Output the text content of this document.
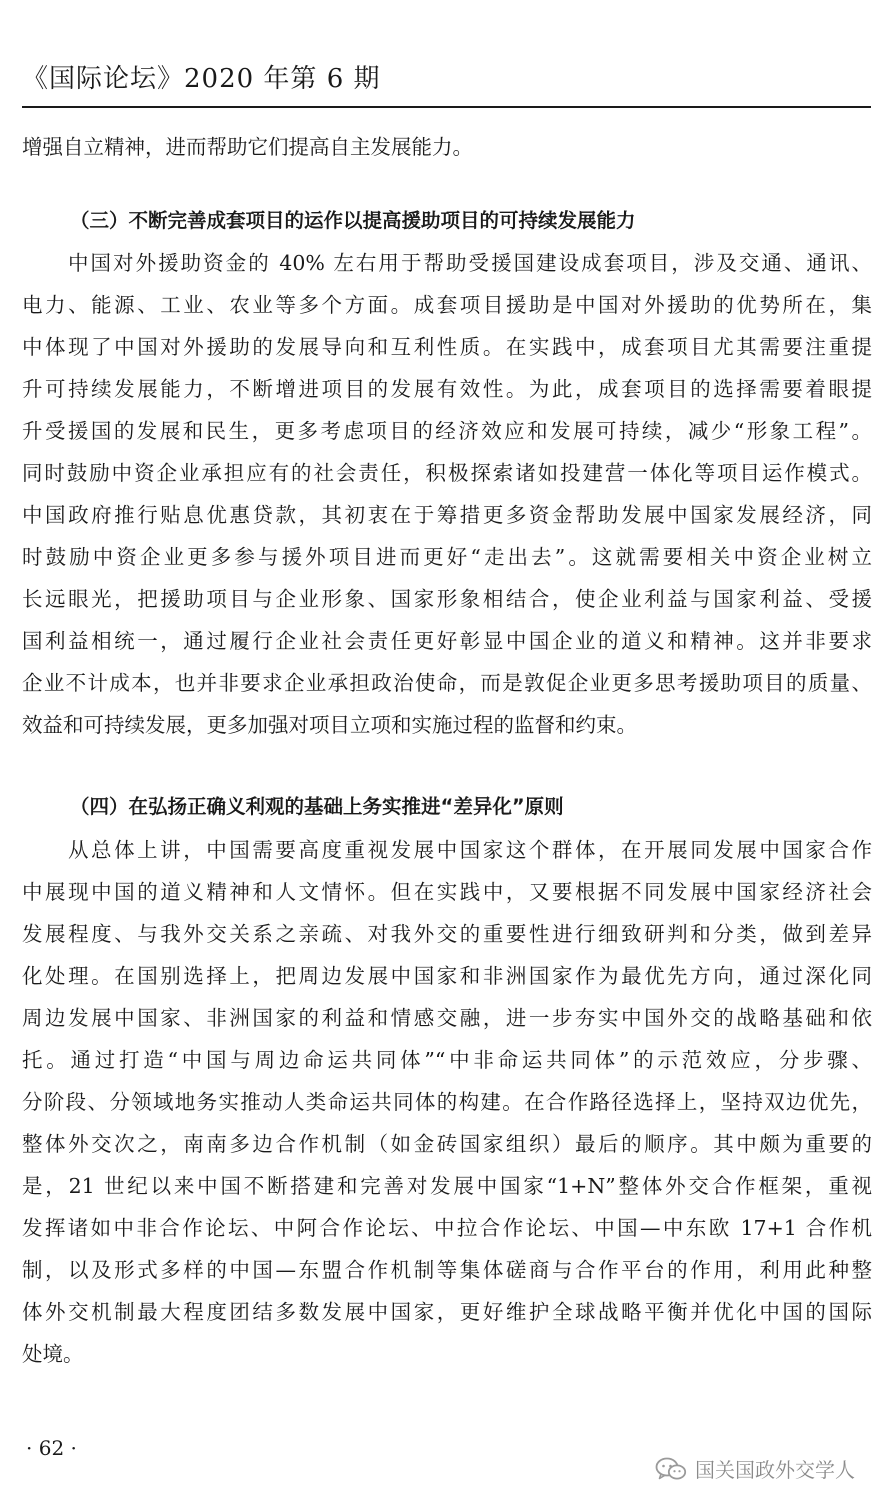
《国际论坛》2020 年第 6 期
增强自立精神，进而帮助它们提高自主发展能力。
（三）不断完善成套项目的运作以提高援助项目的可持续发展能力
中国对外援助资金的 40% 左右用于帮助受援国建设成套项目，涉及交通、通讯、
电力、能源、工业、农业等多个方面。成套项目援助是中国对外援助的优势所在，集
中体现了中国对外援助的发展导向和互利性质。在实践中，成套项目尤其需要注重提
升可持续发展能力，不断增进项目的发展有效性。为此，成套项目的选择需要着眼提
升受援国的发展和民生，更多考虑项目的经济效应和发展可持续，减少“形象工程”。
同时鼓励中资企业承担应有的社会责任，积极探索诸如投建营一体化等项目运作模式。
中国政府推行贴息优惠贷款，其初衷在于筹措更多资金帮助发展中国家发展经济，同
时鼓励中资企业更多参与援外项目进而更好“走出去”。这就需要相关中资企业树立
长远眼光，把援助项目与企业形象、国家形象相结合，使企业利益与国家利益、受援
国利益相统一，通过履行企业社会责任更好彰显中国企业的道义和精神。这并非要求
企业不计成本，也并非要求企业承担政治使命，而是敦促企业更多思考援助项目的质量、
效益和可持续发展，更多加强对项目立项和实施过程的监督和约束。
（四）在弘扬正确义利观的基础上务实推进“差异化”原则
从总体上讲，中国需要高度重视发展中国家这个群体，在开展同发展中国家合作
中展现中国的道义精神和人文情怀。但在实践中，又要根据不同发展中国家经济社会
发展程度、与我外交关系之亲疏、对我外交的重要性进行细致研判和分类，做到差异
化处理。在国别选择上，把周边发展中国家和非洲国家作为最优先方向，通过深化同
周边发展中国家、非洲国家的利益和情感交融，进一步夯实中国外交的战略基础和依
托。通过打造“中国与周边命运共同体”“中非命运共同体”的示范效应，分步骤、
分阶段、分领域地务实推动人类命运共同体的构建。在合作路径选择上，坚持双边优先，
整体外交次之，南南多边合作机制（如金砖国家组织）最后的顺序。其中颇为重要的
是，21 世纪以来中国不断搭建和完善对发展中国家“1+N”整体外交合作框架，重视
发挥诸如中非合作论坛、中阿合作论坛、中拉合作论坛、中国—中东欧 17+1 合作机
制，以及形式多样的中国—东盟合作机制等集体磋商与合作平台的作用，利用此种整
体外交机制最大程度团结多数发展中国家，更好维护全球战略平衡并优化中国的国际
处境。
· 62 ·
国关国政外交学人
